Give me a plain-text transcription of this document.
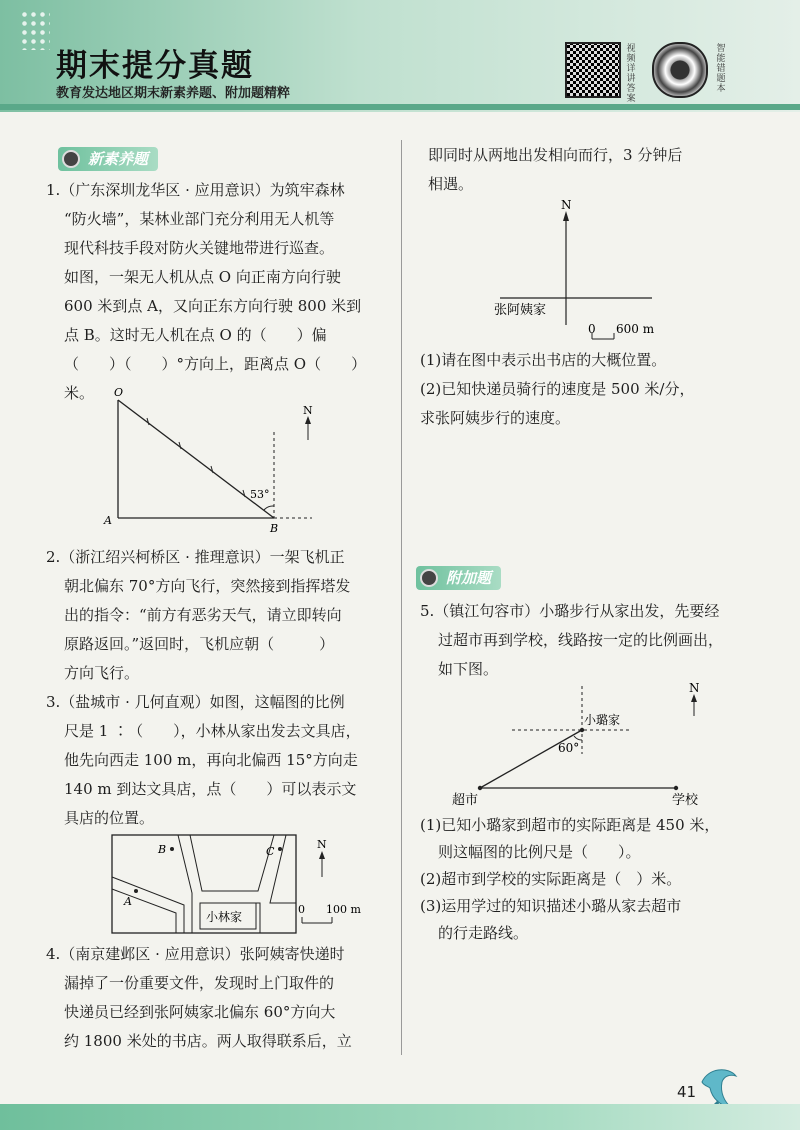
期末提分真题
教育发达地区期末新素养题、附加题精粹
视频详讲答案
智能错题本
新素养题

1.（广东深圳龙华区 · 应用意识）为筑牢森林

“防火墙”，某林业部门充分利用无人机等

现代科技手段对防火关键地带进行巡查。

如图，一架无人机从点 O 向正南方向行驶

600 米到点 A，又向正东方向行驶 800 米到

点 B。这时无人机在点 O 的（　　）偏

（　　）（　　）°方向上，距离点 O（　　）米。

N
O
A
B
53°

2.（浙江绍兴柯桥区 · 推理意识）一架飞机正

朝北偏东 70°方向飞行，突然接到指挥塔发

出的指令：“前方有恶劣天气，请立即转向

原路返回。”返回时，飞机应朝（　　　）

方向飞行。

3.（盐城市 · 几何直观）如图，这幅图的比例

尺是 1 ∶（　　），小林从家出发去文具店，

他先向西走 100 m，再向北偏西 15°方向走

140 m 到达文具店，点（　　）可以表示文

具店的位置。

小林家
B	C
A
N
0 100 m

4.（南京建邺区 · 应用意识）张阿姨寄快递时

漏掉了一份重要文件，发现时上门取件的

快递员已经到张阿姨家北偏东 60°方向大

约 1800 米处的书店。两人取得联系后，立

即同时从两地出发相向而行，3 分钟后

相遇。

N
张阿姨家
0 600 m

(1)请在图中表示出书店的大概位置。

(2)已知快递员骑行的速度是 500 米/分，

求张阿姨步行的速度。

附加题

5.（镇江句容市）小璐步行从家出发，先要经

过超市再到学校，线路按一定的比例画出，

如下图。

60°
小璐家
超市	学校
N

(1)已知小璐家到超市的实际距离是 450 米，

则这幅图的比例尺是（　　）。

(2)超市到学校的实际距离是（　）米。

(3)运用学过的知识描述小璐从家去超市

的行走路线。

41
